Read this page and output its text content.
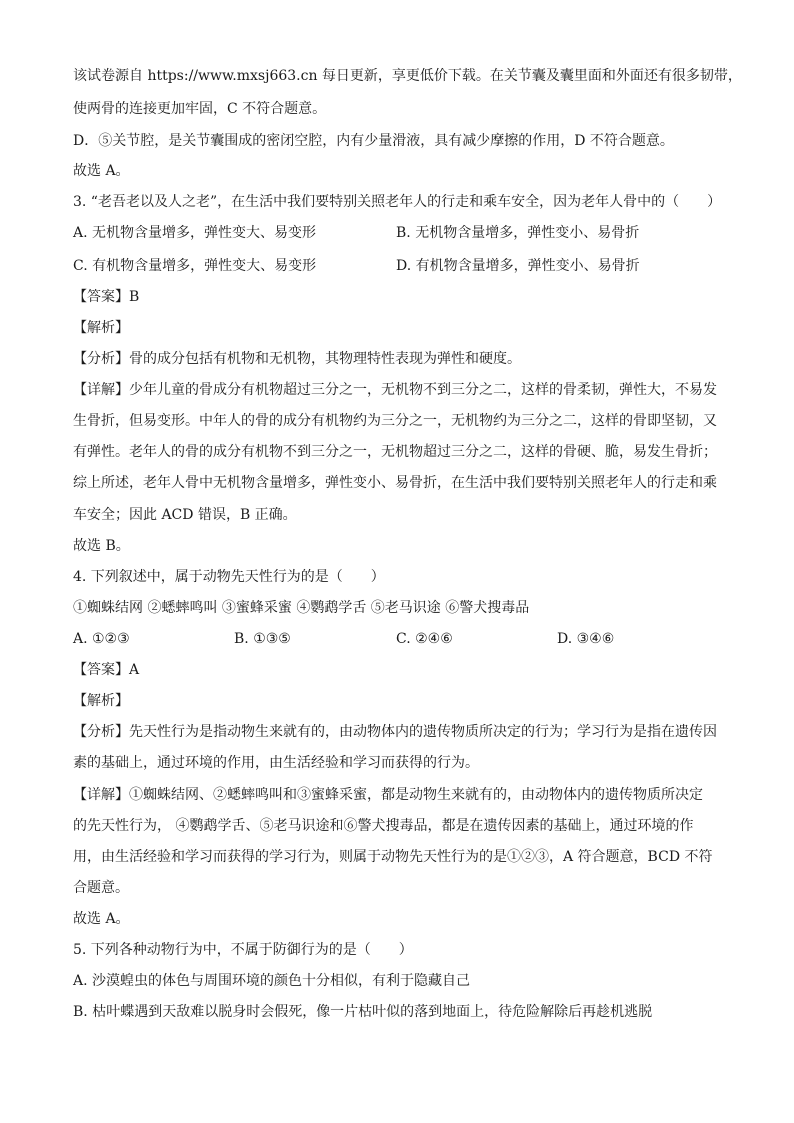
该试卷源自 https://www.mxsj663.cn 每日更新，享更低价下载。在关节囊及囊里面和外面还有很多韧带，
使两骨的连接更加牢固，C 不符合题意。
D．⑤关节腔，是关节囊围成的密闭空腔，内有少量滑液，具有减少摩擦的作用，D 不符合题意。
故选 A。
3. “老吾老以及人之老”，在生活中我们要特别关照老年人的行走和乘车安全，因为老年人骨中的（　　）
A. 无机物含量增多，弹性变大、易变形	B. 无机物含量增多，弹性变小、易骨折
C. 有机物含量增多，弹性变大、易变形	D. 有机物含量增多，弹性变小、易骨折
【答案】B
【解析】
【分析】骨的成分包括有机物和无机物，其物理特性表现为弹性和硬度。
【详解】少年儿童的骨成分有机物超过三分之一，无机物不到三分之二，这样的骨柔韧，弹性大，不易发
生骨折，但易变形。中年人的骨的成分有机物约为三分之一，无机物约为三分之二，这样的骨即坚韧，又
有弹性。老年人的骨的成分有机物不到三分之一，无机物超过三分之二，这样的骨硬、脆，易发生骨折；
综上所述，老年人骨中无机物含量增多，弹性变小、易骨折，在生活中我们要特别关照老年人的行走和乘
车安全；因此 ACD 错误，B 正确。
故选 B。
4. 下列叙述中，属于动物先天性行为的是（　　）
①蜘蛛结网 ②蟋蟀鸣叫 ③蜜蜂采蜜 ④鹦鹉学舌 ⑤老马识途 ⑥警犬搜毒品
A. ①②③	B. ①③⑤	C. ②④⑥	D. ③④⑥
【答案】A
【解析】
【分析】先天性行为是指动物生来就有的，由动物体内的遗传物质所决定的行为；学习行为是指在遗传因
素的基础上，通过环境的作用，由生活经验和学习而获得的行为。
【详解】①蜘蛛结网、②蟋蟀鸣叫和③蜜蜂采蜜，都是动物生来就有的，由动物体内的遗传物质所决定
的先天性行为， ④鹦鹉学舌、⑤老马识途和⑥警犬搜毒品，都是在遗传因素的基础上，通过环境的作
用，由生活经验和学习而获得的学习行为，则属于动物先天性行为的是①②③，A 符合题意，BCD 不符
合题意。
故选 A。
5. 下列各种动物行为中，不属于防御行为的是（　　）
A. 沙漠蝗虫的体色与周围环境的颜色十分相似，有利于隐藏自己
B. 枯叶蝶遇到天敌难以脱身时会假死，像一片枯叶似的落到地面上，待危险解除后再趁机逃脱
